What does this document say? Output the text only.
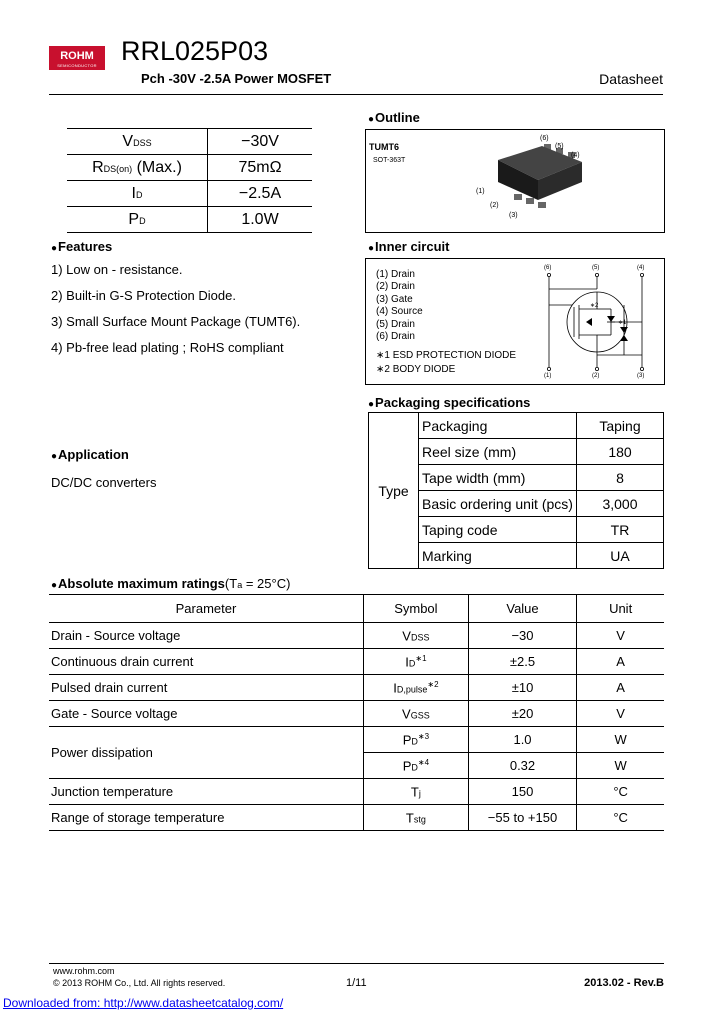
ROHM
SEMICONDUCTOR RRL025P03
Pch -30V -2.5A Power MOSFET	Datasheet
VDSS	−30V
RDS(on) (Max.)	75mΩ
ID	−2.5A
PD	1.0W
● Features
1) Low on - resistance.
2) Built-in G-S Protection Diode.
3) Small Surface Mount Package (TUMT6).
4) Pb-free lead plating ; RoHS compliant
● Application
DC/DC converters
● Outline
TUMT6
SOT-363T
(1)
(2)
(3)
(4)
(5)
(6)
● Inner circuit
(1) Drain
(2) Drain
(3) Gate
(4) Source
(5) Drain
(6) Drain
∗1 ESD PROTECTION DIODE
∗2 BODY DIODE
(6)	(5)	(4)
(1)	(2)	(3)
∗2
∗1
● Packaging specifications
Type	Packaging	Taping
	Reel size (mm)	180
	Tape width (mm)	8
	Basic ordering unit (pcs)	3,000
	Taping code	TR
	Marking	UA
● Absolute maximum ratings(Ta = 25°C)
Parameter	Symbol	Value	Unit
Drain - Source voltage	VDSS	−30	V
Continuous drain current	$ID^{∗1}$	±2.5	A
Pulsed drain current	ID,pulse$^{∗2}$	±10	A
Gate - Source voltage	VGSS	±20	V
Power dissipation	$PD^{∗3}$	1.0	W
	$PD^{∗4}$	0.32	W
Junction temperature	Tj	150	°C
Range of storage temperature	Tstg	−55 to +150	°C
www.rohm.com
© 2013 ROHM Co., Ltd. All rights reserved.	1/11	2013.02 - Rev.B
Downloaded from: http://www.datasheetcatalog.com/
